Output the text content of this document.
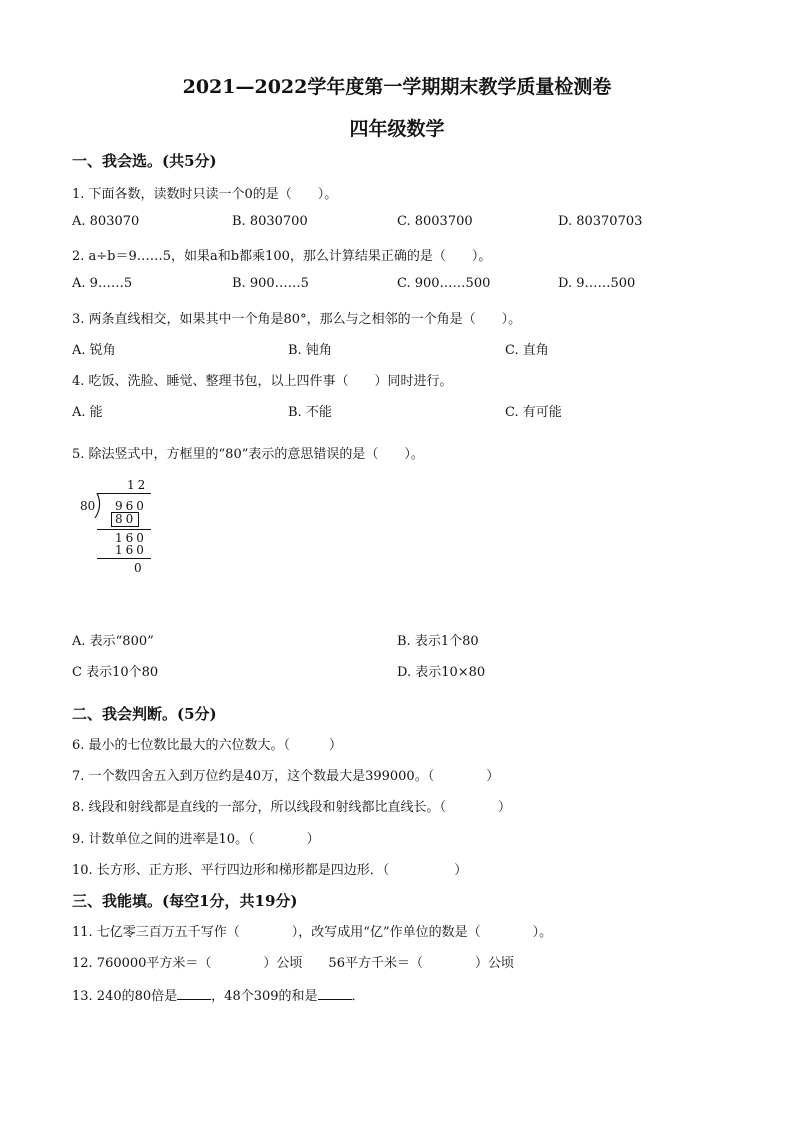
2021—2022学年度第一学期期末教学质量检测卷
四年级数学
一、我会选。(共5分)
1. 下面各数，读数时只读一个0的是（　　）。
A. 803070	B. 8030700	C. 8003700	D. 80370703
2. a÷b＝9……5，如果a和b都乘100，那么计算结果正确的是（　　）。
A. 9……5	B. 900……5	C. 900……500	D. 9……500
3. 两条直线相交，如果其中一个角是80°，那么与之相邻的一个角是（　　）。
A. 锐角	B. 钝角	C. 直角
4. 吃饭、洗脸、睡觉、整理书包，以上四件事（　　）同时进行。
A. 能	B. 不能	C. 有可能
5. 除法竖式中，方框里的“80”表示的意思错误的是（　　）。
12
80 960
80
160
160
0
A. 表示“800”	B. 表示1个80
C 表示10个80	D. 表示10×80
二、我会判断。(5分)
6. 最小的七位数比最大的六位数大。（　　　）
7. 一个数四舍五入到万位约是40万，这个数最大是399000。（　　　　）
8. 线段和射线都是直线的一部分，所以线段和射线都比直线长。（　　　　）
9. 计数单位之间的进率是10。（　　　　）
10. 长方形、正方形、平行四边形和梯形都是四边形．（　　　　　）
三、我能填。(每空1分，共19分)
11. 七亿零三百万五千写作（　　　　），改写成用“亿”作单位的数是（　　　　）。
12. 760000平方米＝（　　　　）公顷　　56平方千米＝（　　　　）公顷
13. 240的80倍是	，48个309的和是	．
